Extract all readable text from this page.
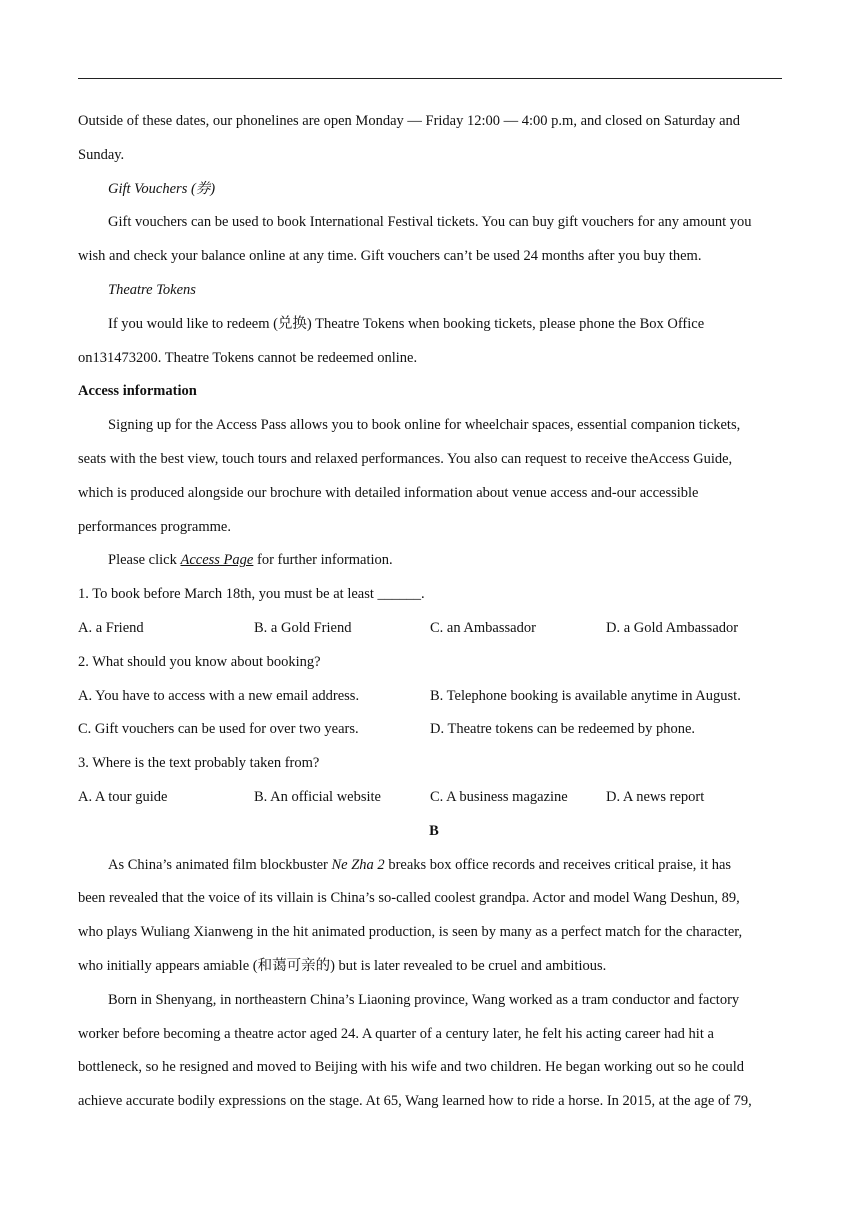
Outside of these dates, our phonelines are open Monday — Friday 12:00 — 4:00 p.m, and closed on Saturday and
Sunday.
Gift Vouchers (券)
Gift vouchers can be used to book International Festival tickets. You can buy gift vouchers for any amount you
wish and check your balance online at any time. Gift vouchers can’t be used 24 months after you buy them.
Theatre Tokens
If you would like to redeem (兑换) Theatre Tokens when booking tickets, please phone the Box Office
on131473200. Theatre Tokens cannot be redeemed online.
Access information
Signing up for the Access Pass allows you to book online for wheelchair spaces, essential companion tickets,
seats with the best view, touch tours and relaxed performances. You also can request to receive theAccess Guide,
which is produced alongside our brochure with detailed information about venue access and-our accessible
performances programme.
Please click Access Page for further information.
1. To book before March 18th, you must be at least ______.
A. a Friend	B. a Gold Friend	C. an Ambassador	D. a Gold Ambassador
2. What should you know about booking?
A. You have to access with a new email address.	B. Telephone booking is available anytime in August.
C. Gift vouchers can be used for over two years.	D. Theatre tokens can be redeemed by phone.
3. Where is the text probably taken from?
A. A tour guide	B. An official website	C. A business magazine	D. A news report
B
As China’s animated film blockbuster Ne Zha 2 breaks box office records and receives critical praise, it has
been revealed that the voice of its villain is China’s so-called coolest grandpa. Actor and model Wang Deshun, 89,
who plays Wuliang Xianweng in the hit animated production, is seen by many as a perfect match for the character,
who initially appears amiable (和蔼可亲的) but is later revealed to be cruel and ambitious.
Born in Shenyang, in northeastern China’s Liaoning province, Wang worked as a tram conductor and factory
worker before becoming a theatre actor aged 24. A quarter of a century later, he felt his acting career had hit a
bottleneck, so he resigned and moved to Beijing with his wife and two children. He began working out so he could
achieve accurate bodily expressions on the stage. At 65, Wang learned how to ride a horse. In 2015, at the age of 79,
